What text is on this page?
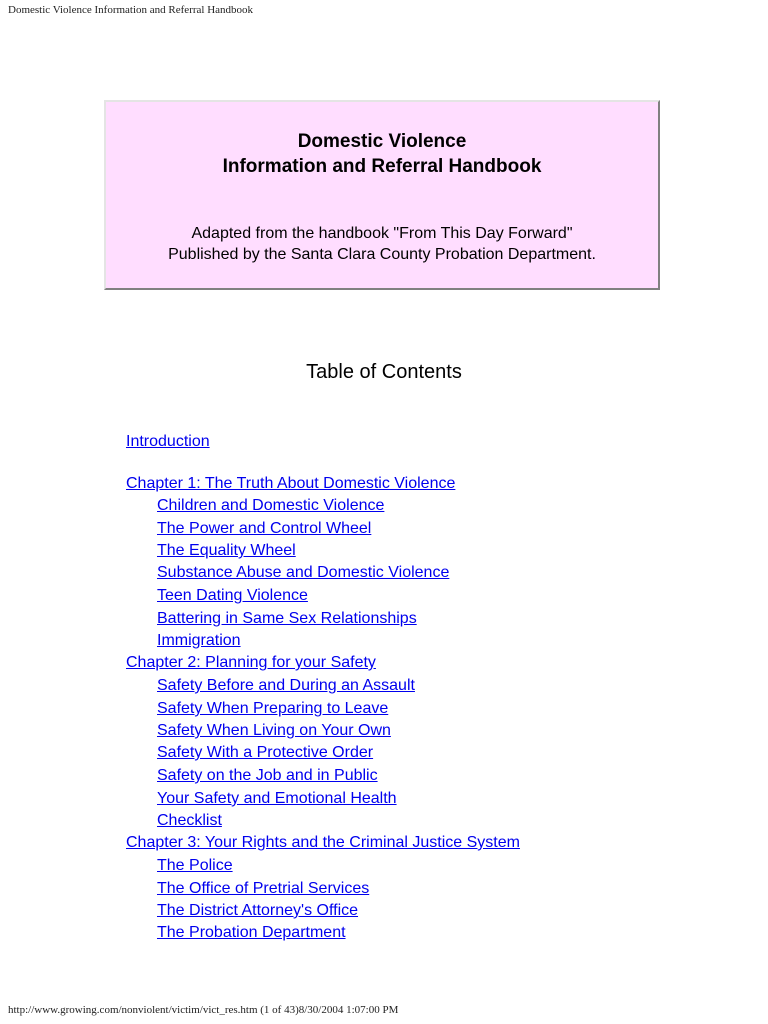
Domestic Violence Information and Referral Handbook
Domestic Violence
Information and Referral Handbook
Adapted from the handbook "From This Day Forward"
Published by the Santa Clara County Probation Department.
Table of Contents
Introduction
Chapter 1: The Truth About Domestic Violence
Children and Domestic Violence
The Power and Control Wheel
The Equality Wheel
Substance Abuse and Domestic Violence
Teen Dating Violence
Battering in Same Sex Relationships
Immigration
Chapter 2: Planning for your Safety
Safety Before and During an Assault
Safety When Preparing to Leave
Safety When Living on Your Own
Safety With a Protective Order
Safety on the Job and in Public
Your Safety and Emotional Health
Checklist
Chapter 3: Your Rights and the Criminal Justice System
The Police
The Office of Pretrial Services
The District Attorney's Office
The Probation Department
http://www.growing.com/nonviolent/victim/vict_res.htm (1 of 43)8/30/2004 1:07:00 PM
